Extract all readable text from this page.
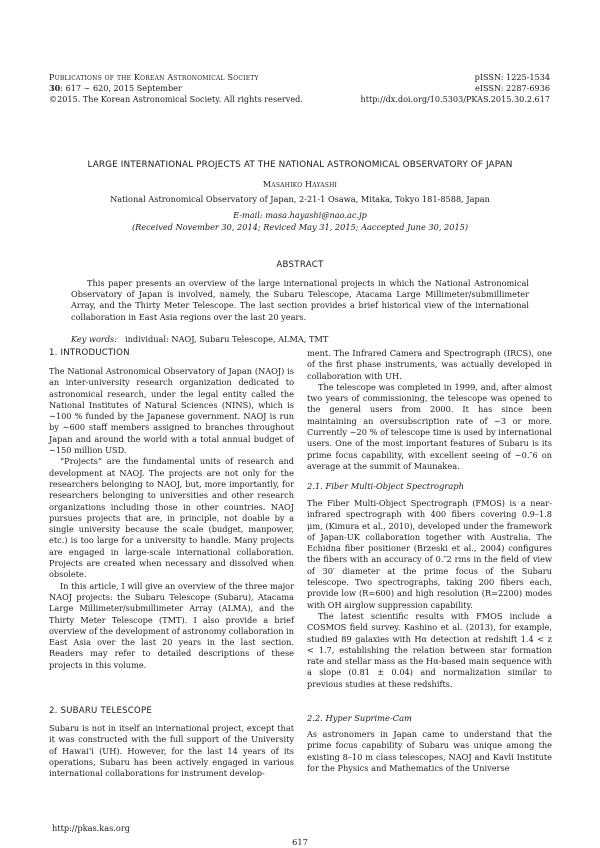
Publications of the Korean Astronomical Society
30: 617 ∼ 620, 2015 September
©2015. The Korean Astronomical Society. All rights reserved.
pISSN: 1225-1534
eISSN: 2287-6936
http://dx.doi.org/10.5303/PKAS.2015.30.2.617
LARGE INTERNATIONAL PROJECTS AT THE NATIONAL ASTRONOMICAL OBSERVATORY OF JAPAN
Masahiko Hayashi
National Astronomical Observatory of Japan, 2-21-1 Osawa, Mitaka, Tokyo 181-8588, Japan
E-mail: masa.hayashi@nao.ac.jp
(Received November 30, 2014; Reviced May 31, 2015; Aaccepted June 30, 2015)
ABSTRACT
This paper presents an overview of the large international projects in which the National Astronomical Observatory of Japan is involved, namely, the Subaru Telescope, Atacama Large Millimeter/submillimeter Array, and the Thirty Meter Telescope. The last section provides a brief historical view of the international collaboration in East Asia regions over the last 20 years.
Key words: individual: NAOJ, Subaru Telescope, ALMA, TMT
1. INTRODUCTION

The National Astronomical Observatory of Japan (NAOJ) is an inter-university research organization dedicated to astronomical research, under the legal entity called the National Institutes of Natural Sciences (NINS), which is ∼100 % funded by the Japanese government. NAOJ is run by ∼600 staff members assigned to branches throughout Japan and around the world with a total annual budget of ∼150 million USD.

“Projects” are the fundamental units of research and development at NAOJ. The projects are not only for the researchers belonging to NAOJ, but, more importantly, for researchers belonging to universities and other research organizations including those in other countries. NAOJ pursues projects that are, in principle, not doable by a single university because the scale (budget, manpower, etc.) is too large for a university to handle. Many projects are engaged in large-scale international collaboration. Projects are created when necessary and dissolved when obsolete.

In this article, I will give an overview of the three major NAOJ projects: the Subaru Telescope (Subaru), Atacama Large Millimeter/submillimeter Array (ALMA), and the Thirty Meter Telescope (TMT). I also provide a brief overview of the development of astronomy collaboration in East Asia over the last 20 years in the last section. Readers may refer to detailed descriptions of these projects in this volume.

2. SUBARU TELESCOPE

Subaru is not in itself an international project, except that it was constructed with the full support of the University of Hawai‘i (UH). However, for the last 14 years of its operations, Subaru has been actively engaged in various international collaborations for instrument develop-

ment. The Infrared Camera and Spectrograph (IRCS), one of the first phase instruments, was actually developed in collaboration with UH.

The telescope was completed in 1999, and, after almost two years of commissioning, the telescope was opened to the general users from 2000. It has since been maintaining an oversubscription rate of ∼3 or more. Currently ∼20 % of telescope time is used by international users. One of the most important features of Subaru is its prime focus capability, with excellent seeing of ∼0.″6 on average at the summit of Maunakea.

2.1. Fiber Multi-Object Spectrograph

The Fiber Multi-Object Spectrograph (FMOS) is a near-infrared spectrograph with 400 fibers covering 0.9–1.8 μm, (Kimura et al., 2010), developed under the framework of Japan-UK collaboration together with Australia. The Echidna fiber positioner (Brzeski et al., 2004) configures the fibers with an accuracy of 0.″2 rms in the field of view of 30′ diameter at the prime focus of the Subaru telescope. Two spectrographs, taking 200 fibers each, provide low (R=600) and high resolution (R=2200) modes with OH airglow suppression capability.

The latest scientific results with FMOS include a COSMOS field survey. Kashino et al. (2013), for example, studied 89 galaxies with Hα detection at redshift 1.4 < z < 1.7, establishing the relation between star formation rate and stellar mass as the Hα-based main sequence with a slope (0.81 ± 0.04) and normalization similar to previous studies at these redshifts.

2.2. Hyper Suprime-Cam

As astronomers in Japan came to understand that the prime focus capability of Subaru was unique among the existing 8–10 m class telescopes, NAOJ and Kavli Institute for the Physics and Mathematics of the Universe

http://pkas.kas.org
617
